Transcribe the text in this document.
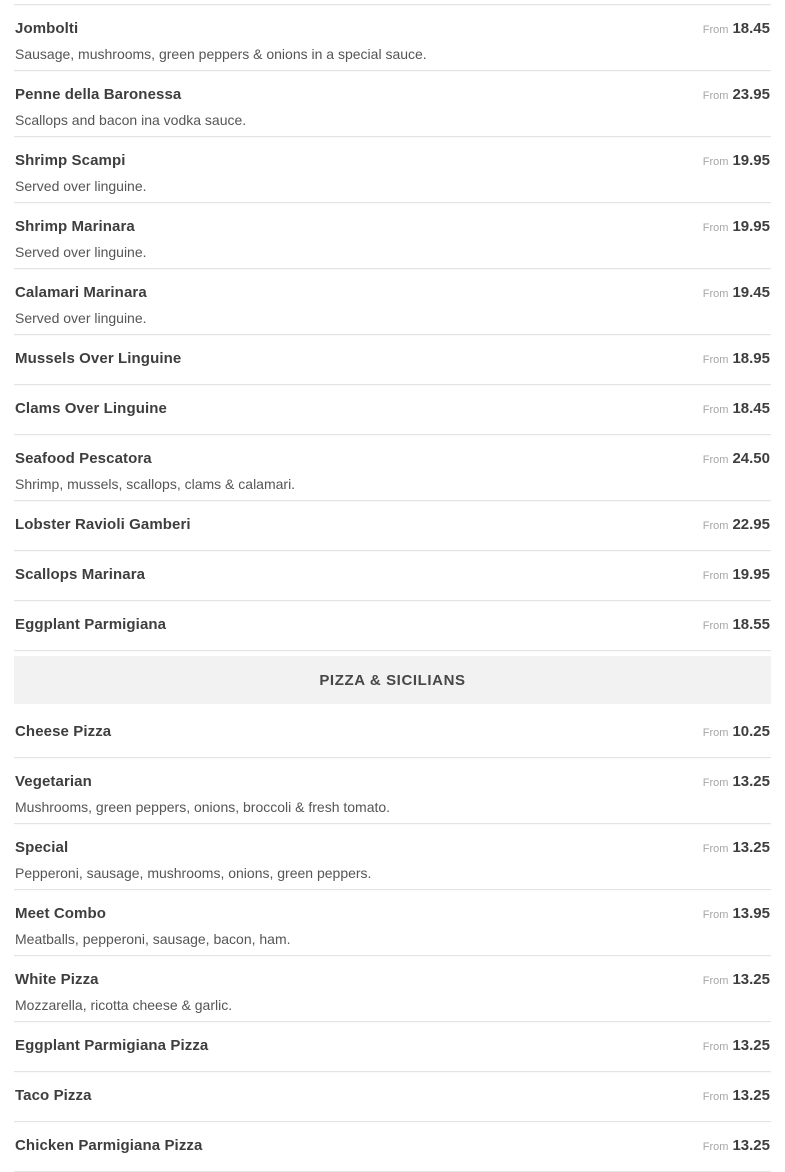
Jombolti	From 18.45
Sausage, mushrooms, green peppers & onions in a special sauce.
Penne della Baronessa	From 23.95
Scallops and bacon ina vodka sauce.
Shrimp Scampi	From 19.95
Served over linguine.
Shrimp Marinara	From 19.95
Served over linguine.
Calamari Marinara	From 19.45
Served over linguine.
Mussels Over Linguine	From 18.95
Clams Over Linguine	From 18.45
Seafood Pescatora	From 24.50
Shrimp, mussels, scallops, clams & calamari.
Lobster Ravioli Gamberi	From 22.95
Scallops Marinara	From 19.95
Eggplant Parmigiana	From 18.55
PIZZA & SICILIANS
Cheese Pizza	From 10.25
Vegetarian	From 13.25
Mushrooms, green peppers, onions, broccoli & fresh tomato.
Special	From 13.25
Pepperoni, sausage, mushrooms, onions, green peppers.
Meet Combo	From 13.95
Meatballs, pepperoni, sausage, bacon, ham.
White Pizza	From 13.25
Mozzarella, ricotta cheese & garlic.
Eggplant Parmigiana Pizza	From 13.25
Taco Pizza	From 13.25
Chicken Parmigiana Pizza	From 13.25
